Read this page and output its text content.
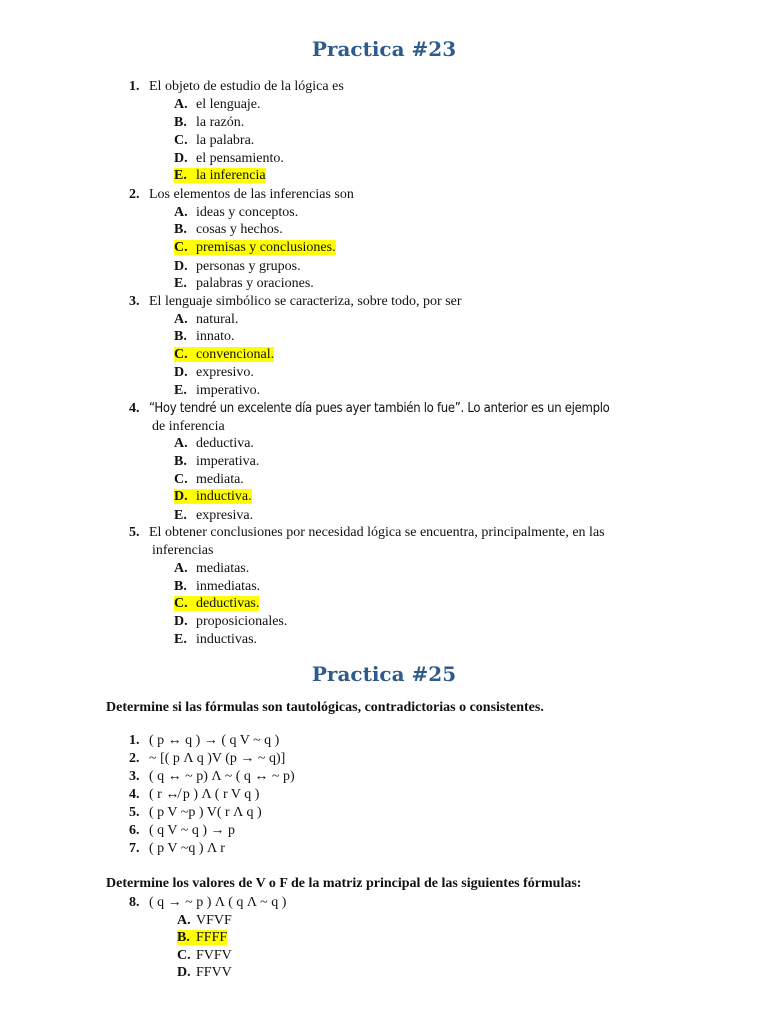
Practica #23
1. El objeto de estudio de la lógica es
A. el lenguaje.
B. la razón.
C. la palabra.
D. el pensamiento.
E. la inferencia
2. Los elementos de las inferencias son
A. ideas y conceptos.
B. cosas y hechos.
C. premisas y conclusiones.
D. personas y grupos.
E. palabras y oraciones.
3. El lenguaje simbólico se caracteriza, sobre todo, por ser
A. natural.
B. innato.
C. convencional.
D. expresivo.
E. imperativo.
4. “Hoy tendré un excelente día pues ayer también lo fue”. Lo anterior es un ejemplo
de inferencia
A. deductiva.
B. imperativa.
C. mediata.
D. inductiva.
E. expresiva.
5. El obtener conclusiones por necesidad lógica se encuentra, principalmente, en las
inferencias
A. mediatas.
B. inmediatas.
C. deductivas.
D. proposicionales.
E. inductivas.
Practica #25
Determine si las fórmulas son tautológicas, contradictorias o consistentes.
1. ( p ↔ q ) → ( q V ~ q )
2. ~ [( p Λ q )V (p → ~ q)]
3. ( q ↔ ~ p) Λ ~ ( q ↔ ~ p)
4. ( r ↮ p ) Λ ( r V q )
5. ( p V ~p ) V( r Λ q )
6. ( q V ~ q ) → p
7. ( p V ~q ) Λ r
Determine los valores de V o F de la matriz principal de las siguientes fórmulas:
8. ( q → ~ p ) Λ ( q Λ ~ q )
A. VFVF
B. FFFF
C. FVFV
D. FFVV
